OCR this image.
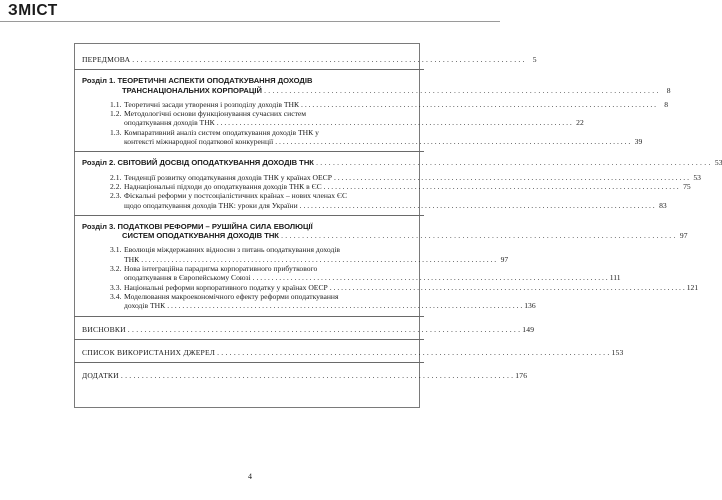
ЗМІСТ
ПЕРЕДМОВА . . .	5
Розділ 1. ТЕОРЕТИЧНІ АСПЕКТИ ОПОДАТКУВАННЯ ДОХОДІВ
ТРАНСНАЦІОНАЛЬНИХ КОРПОРАЦІЙ . . .	8
1.1. Теоретичні засади утворення і розподілу доходів ТНК . . .	8
1.2. Методологічні основи функціонування сучасних систем
оподаткування доходів ТНК . . .	22
1.3. Компаративний аналіз систем оподаткування доходів ТНК у
контексті міжнародної податкової конкуренції . . .	39
Розділ 2. СВІТОВИЙ ДОСВІД ОПОДАТКУВАННЯ ДОХОДІВ ТНК . . .	53
2.1. Тенденції розвитку оподаткування доходів ТНК у країнах ОЕСР . . .	53
2.2. Наднаціональні підходи до оподаткування доходів ТНК в ЄС . . .	75
2.3. Фіскальні реформи у постсоціалістичних країнах – нових членах ЄС
щодо оподаткування доходів ТНК: уроки для України . . .	83
Розділ 3. ПОДАТКОВІ РЕФОРМИ – РУШІЙНА СИЛА ЕВОЛЮЦІЇ
СИСТЕМ ОПОДАТКУВАННЯ ДОХОДІВ ТНК . . .	97
3.1. Еволюція міждержавних відносин з питань оподаткування доходів
ТНК . . .	97
3.2. Нова інтеграційна парадигма корпоративного прибуткового
оподаткування в Європейському Союзі . . .	111
3.3. Національні реформи корпоративного податку у країнах ОЕСР . . .	121
3.4. Моделювання макроекономічного ефекту реформи оподаткування
доходів ТНК . . .	136
ВИСНОВКИ . . .	149
СПИСОК ВИКОРИСТАНИХ ДЖЕРЕЛ . . .	153
ДОДАТКИ . . .	176
4
